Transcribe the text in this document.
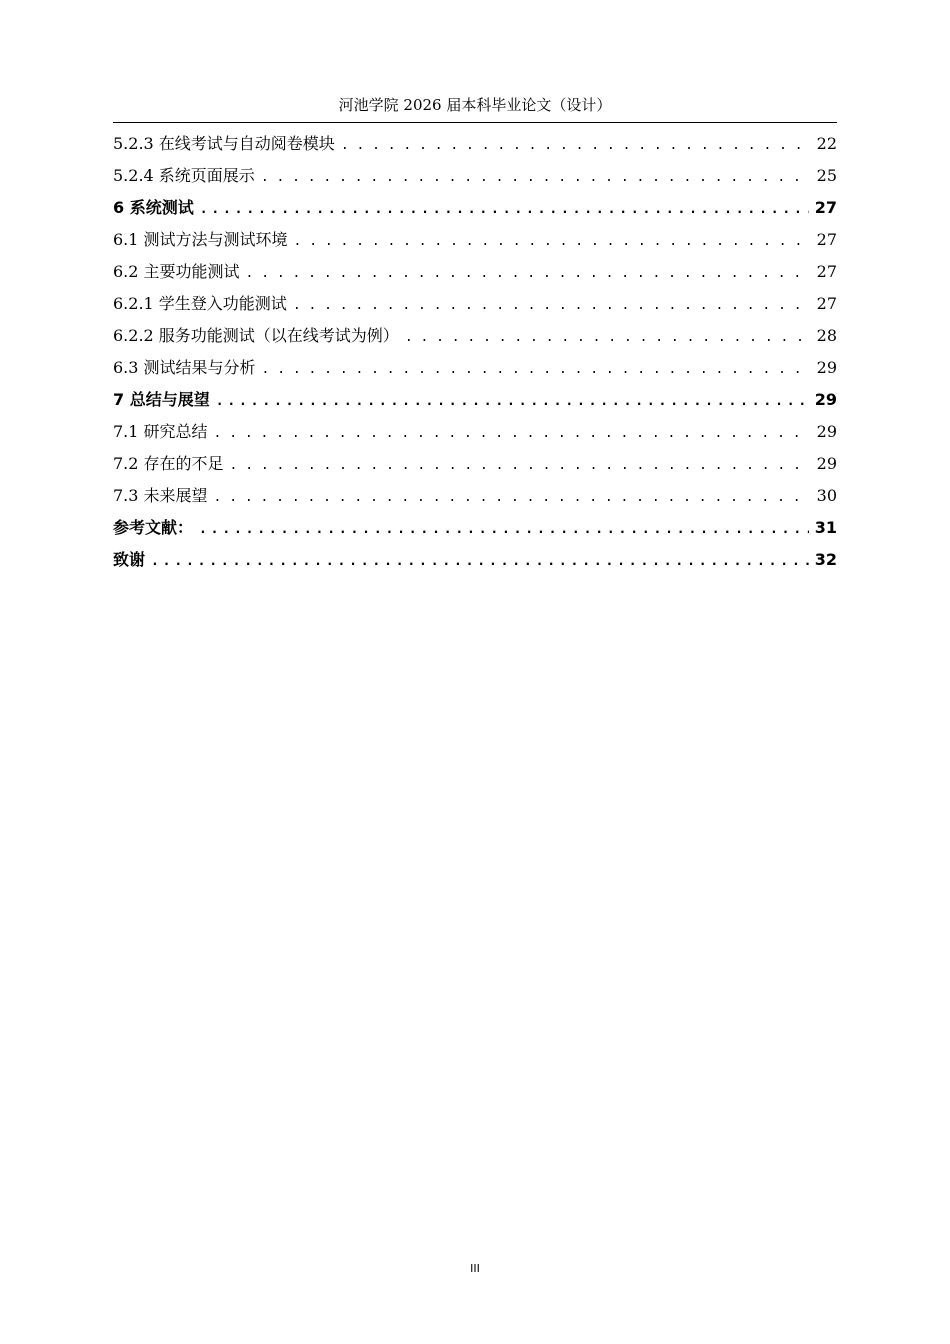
河池学院 2026 届本科毕业论文（设计）
5.2.3 在线考试与自动阅卷模块 . . .	22
5.2.4 系统页面展示 . . .	25
6 系统测试 . . .	27
6.1 测试方法与测试环境 . . .	27
6.2 主要功能测试 . . .	27
6.2.1 学生登入功能测试 . . .	27
6.2.2 服务功能测试（以在线考试为例） . . .	28
6.3 测试结果与分析 . . .	29
7 总结与展望 . . .	29
7.1 研究总结 . . .	29
7.2 存在的不足 . . .	29
7.3 未来展望 . . .	30
参考文献： . . .	31
致谢 . . .	32
III
